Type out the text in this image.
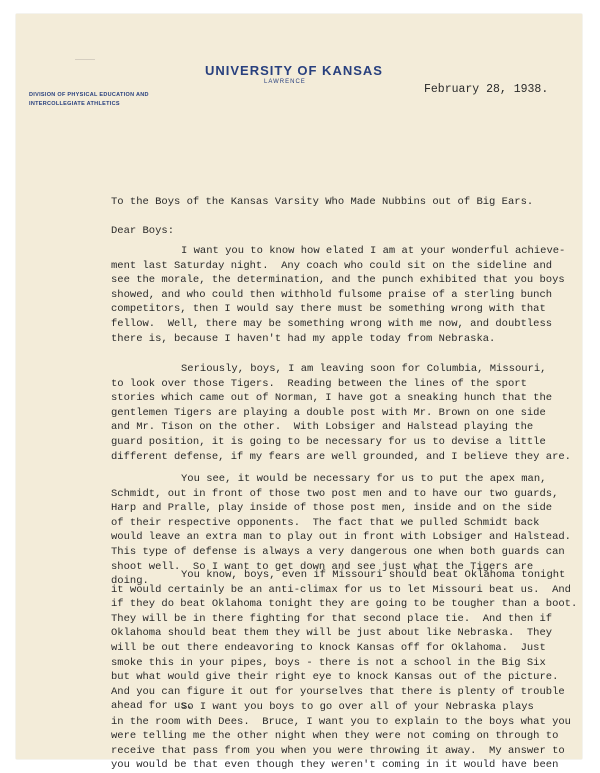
UNIVERSITY OF KANSAS
LAWRENCE
DIVISION OF PHYSICAL EDUCATION AND
INTERCOLLEGIATE ATHLETICS
February 28, 1938.
To the Boys of the Kansas Varsity Who Made Nubbins out of Big Ears.
Dear Boys:
I want you to know how elated I am at your wonderful achieve-
ment last Saturday night.  Any coach who could sit on the sideline and
see the morale, the determination, and the punch exhibited that you boys
showed, and who could then withhold fulsome praise of a sterling bunch
competitors, then I would say there must be something wrong with that
fellow.  Well, there may be something wrong with me now, and doubtless
there is, because I haven't had my apple today from Nebraska.
Seriously, boys, I am leaving soon for Columbia, Missouri,
to look over those Tigers.  Reading between the lines of the sport
stories which came out of Norman, I have got a sneaking hunch that the
gentlemen Tigers are playing a double post with Mr. Brown on one side
and Mr. Tison on the other.  With Lobsiger and Halstead playing the
guard position, it is going to be necessary for us to devise a little
different defense, if my fears are well grounded, and I believe they are.
You see, it would be necessary for us to put the apex man,
Schmidt, out in front of those two post men and to have our two guards,
Harp and Pralle, play inside of those post men, inside and on the side
of their respective opponents.  The fact that we pulled Schmidt back
would leave an extra man to play out in front with Lobsiger and Halstead.
This type of defense is always a very dangerous one when both guards can
shoot well.  So I want to get down and see just what the Tigers are
doing.
You know, boys, even if Missouri should beat Oklahoma tonight
it would certainly be an anti-climax for us to let Missouri beat us.  And
if they do beat Oklahoma tonight they are going to be tougher than a boot.
They will be in there fighting for that second place tie.  And then if
Oklahoma should beat them they will be just about like Nebraska.  They
will be out there endeavoring to knock Kansas off for Oklahoma.  Just
smoke this in your pipes, boys - there is not a school in the Big Six
but what would give their right eye to knock Kansas out of the picture.
And you can figure it out for yourselves that there is plenty of trouble
ahead for us.
So I want you boys to go over all of your Nebraska plays
in the room with Dees.  Bruce, I want you to explain to the boys what you
were telling me the other night when they were not coming on through to
receive that pass from you when you were throwing it away.  My answer to
you would be that even though they weren't coming in it would have been
